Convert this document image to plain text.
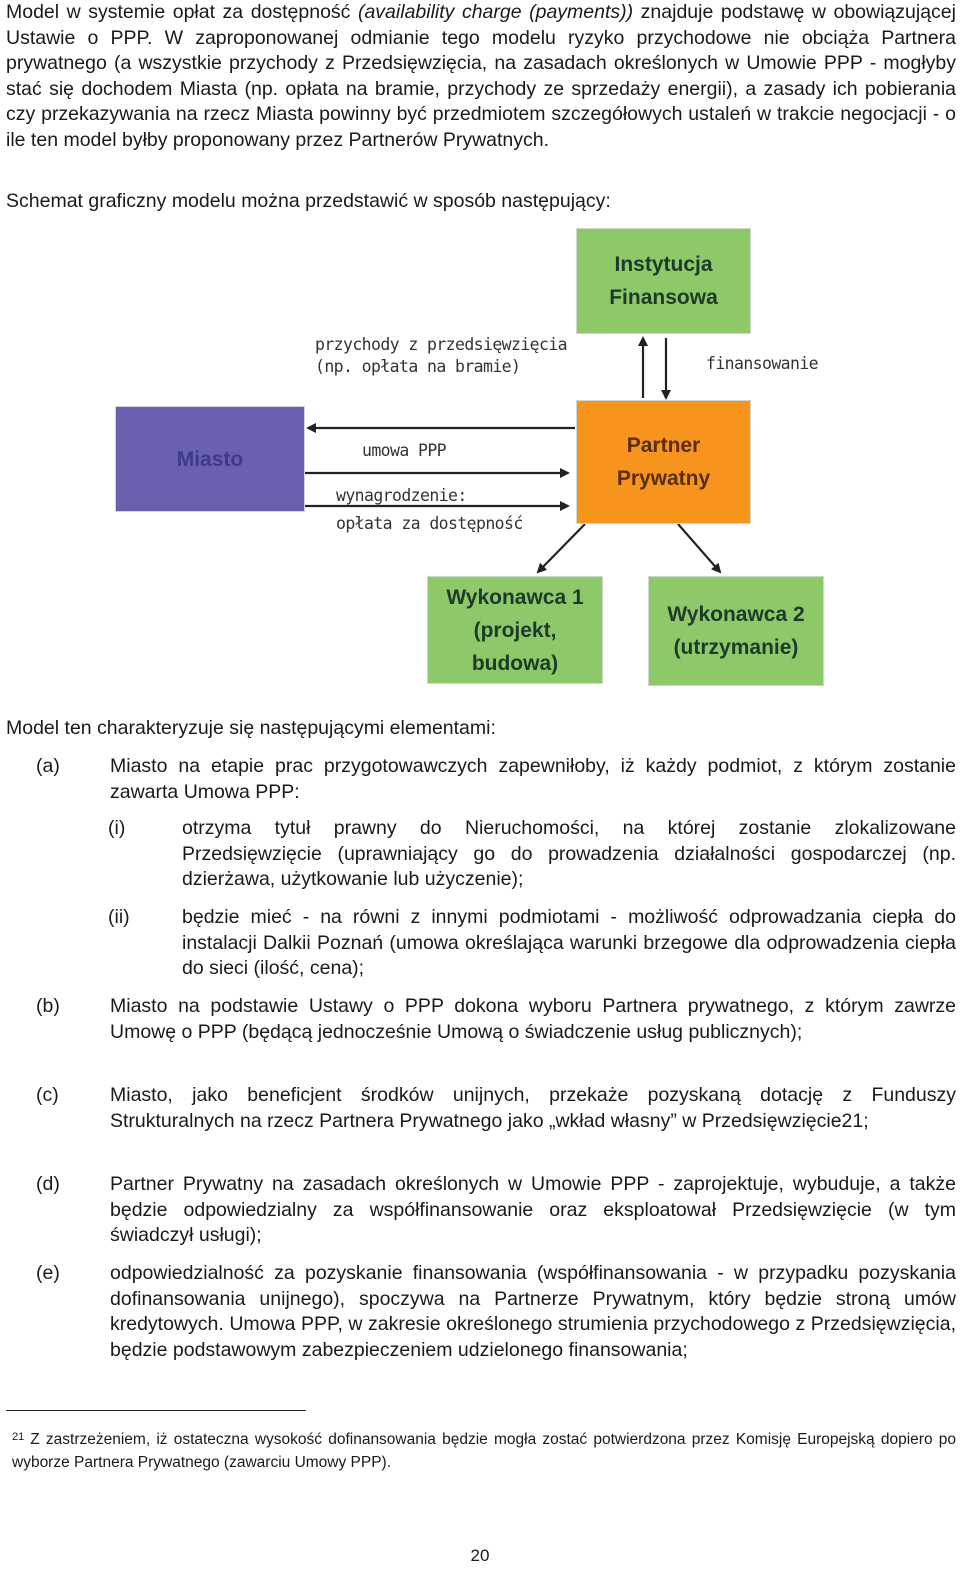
Model w systemie opłat za dostępność (availability charge (payments)) znajduje podstawę w obowiązującej Ustawie o PPP. W zaproponowanej odmianie tego modelu ryzyko przychodowe nie obciąża Partnera prywatnego (a wszystkie przychody z Przedsięwzięcia, na zasadach określonych w Umowie PPP - mogłyby stać się dochodem Miasta (np. opłata na bramie, przychody ze sprzedaży energii), a zasady ich pobierania czy przekazywania na rzecz Miasta powinny być przedmiotem szczegółowych ustaleń w trakcie negocjacji - o ile ten model byłby proponowany przez Partnerów Prywatnych.
Schemat graficzny modelu można przedstawić w sposób następujący:
Instytucja Finansowa
Miasto
Partner Prywatny
Wykonawca 1 (projekt, budowa)
Wykonawca 2 (utrzymanie)
przychody z przedsięwzięcia
(np. opłata na bramie)	finansowanie
umowa PPP
wynagrodzenie:
opłata za dostępność
Model ten charakteryzuje się następującymi elementami:
(a)	Miasto na etapie prac przygotowawczych zapewniłoby, iż każdy podmiot, z którym zostanie zawarta Umowa PPP:
(i)	otrzyma tytuł prawny do Nieruchomości, na której zostanie zlokalizowane Przedsięwzięcie (uprawniający go do prowadzenia działalności gospodarczej (np. dzierżawa, użytkowanie lub użyczenie);
(ii)	będzie mieć - na równi z innymi podmiotami - możliwość odprowadzania ciepła do instalacji Dalkii Poznań (umowa określająca warunki brzegowe dla odprowadzenia ciepła do sieci (ilość, cena);
(b)	Miasto na podstawie Ustawy o PPP dokona wyboru Partnera prywatnego, z którym zawrze Umowę o PPP (będącą jednocześnie Umową o świadczenie usług publicznych);
(c)	Miasto, jako beneficjent środków unijnych, przekaże pozyskaną dotację z Funduszy Strukturalnych na rzecz Partnera Prywatnego jako „wkład własny” w Przedsięwzięcie21;
(d)	Partner Prywatny na zasadach określonych w Umowie PPP - zaprojektuje, wybuduje, a także będzie odpowiedzialny za współfinansowanie oraz eksploatował Przedsięwzięcie (w tym świadczył usługi);
(e)	odpowiedzialność za pozyskanie finansowania (współfinansowania - w przypadku pozyskania dofinansowania unijnego), spoczywa na Partnerze Prywatnym, który będzie stroną umów kredytowych. Umowa PPP, w zakresie określonego strumienia przychodowego z Przedsięwzięcia, będzie podstawowym zabezpieczeniem udzielonego finansowania;
$^{21}$ Z zastrzeżeniem, iż ostateczna wysokość dofinansowania będzie mogła zostać potwierdzona przez Komisję Europejską dopiero po wyborze Partnera Prywatnego (zawarciu Umowy PPP).
20
